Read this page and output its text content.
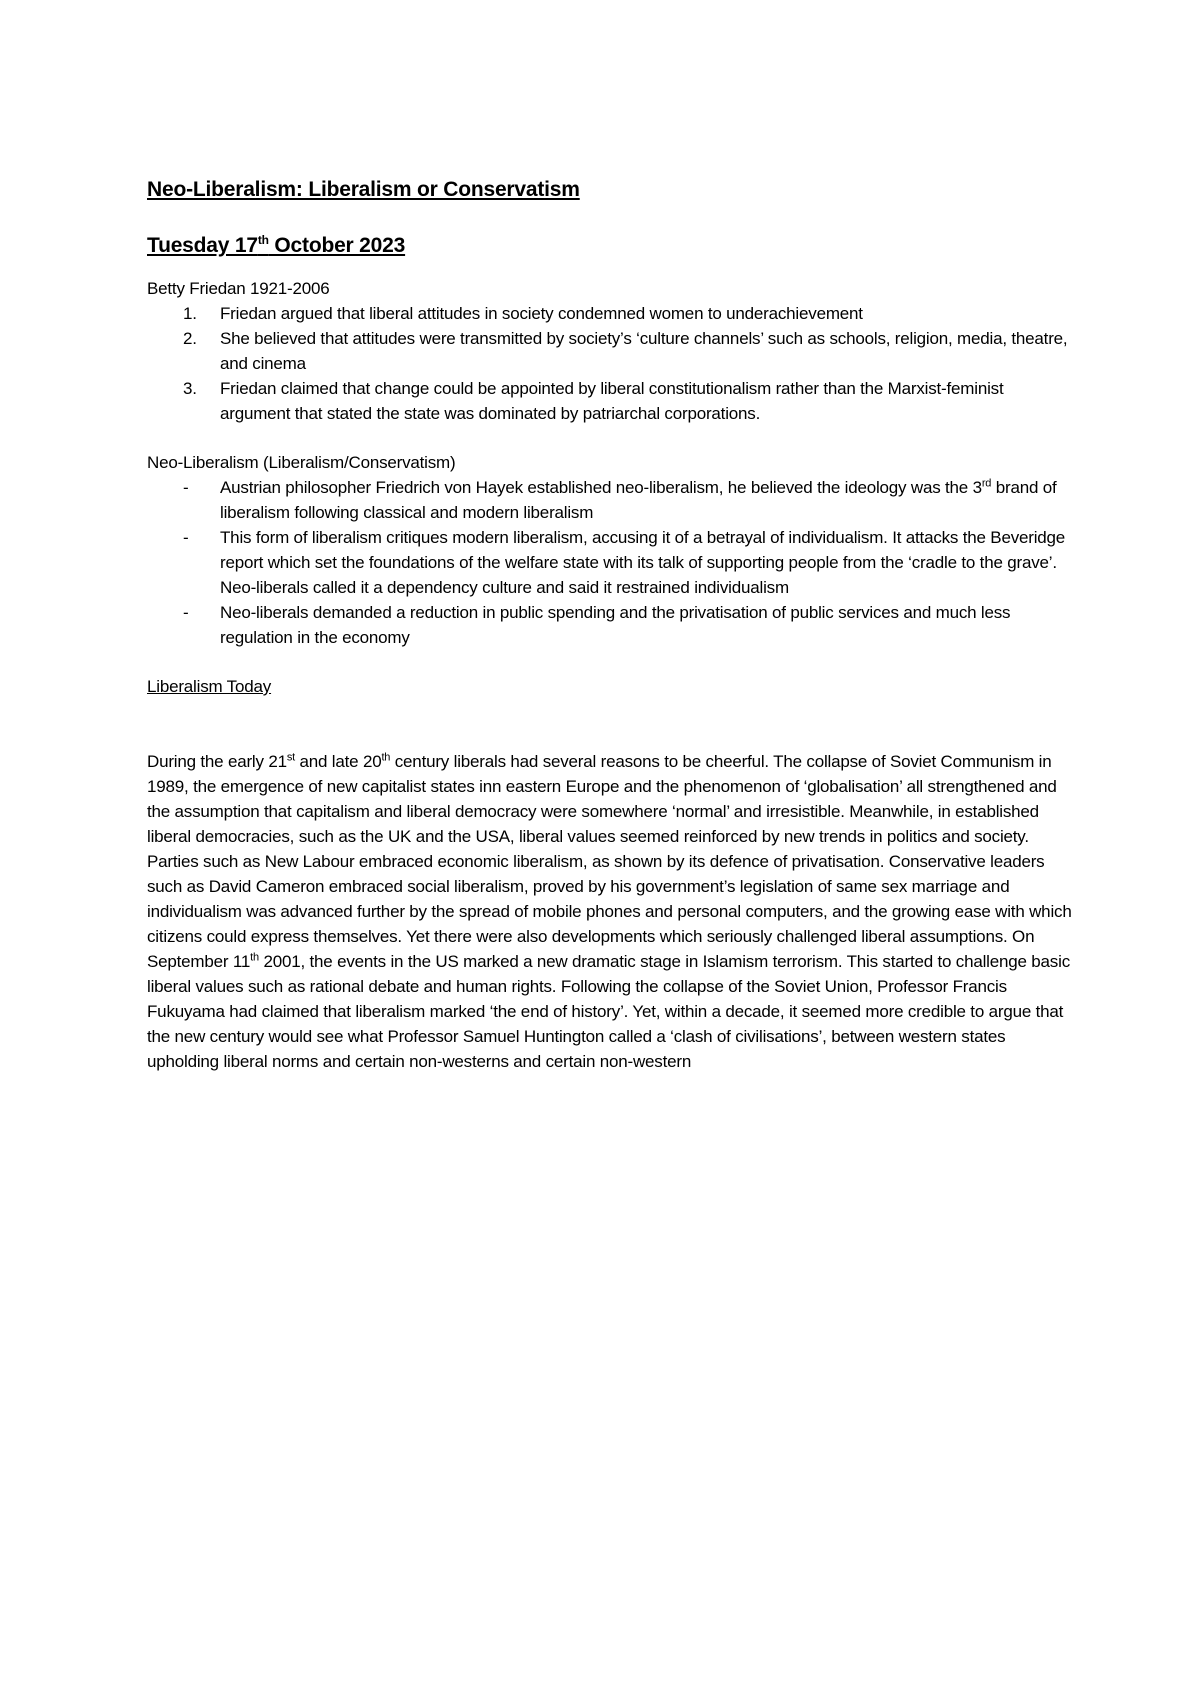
Neo-Liberalism: Liberalism or Conservatism

Tuesday 17th October 2023

Betty Friedan 1921-2006

1. Friedan argued that liberal attitudes in society condemned women to underachievement
2. She believed that attitudes were transmitted by society’s ‘culture channels’ such as schools, religion, media, theatre, and cinema
3. Friedan claimed that change could be appointed by liberal constitutionalism rather than the Marxist-feminist argument that stated the state was dominated by patriarchal corporations.

Neo-Liberalism (Liberalism/Conservatism)

- Austrian philosopher Friedrich von Hayek established neo-liberalism, he believed the ideology was the 3rd brand of liberalism following classical and modern liberalism
- This form of liberalism critiques modern liberalism, accusing it of a betrayal of individualism. It attacks the Beveridge report which set the foundations of the welfare state with its talk of supporting people from the ‘cradle to the grave’. Neo-liberals called it a dependency culture and said it restrained individualism
- Neo-liberals demanded a reduction in public spending and the privatisation of public services and much less regulation in the economy

Liberalism Today

During the early 21st and late 20th century liberals had several reasons to be cheerful. The collapse of Soviet Communism in 1989, the emergence of new capitalist states inn eastern Europe and the phenomenon of ‘globalisation’ all strengthened and the assumption that capitalism and liberal democracy were somewhere ‘normal’ and irresistible. Meanwhile, in established liberal democracies, such as the UK and the USA, liberal values seemed reinforced by new trends in politics and society. Parties such as New Labour embraced economic liberalism, as shown by its defence of privatisation. Conservative leaders such as David Cameron embraced social liberalism, proved by his government’s legislation of same sex marriage and individualism was advanced further by the spread of mobile phones and personal computers, and the growing ease with which citizens could express themselves. Yet there were also developments which seriously challenged liberal assumptions. On September 11th 2001, the events in the US marked a new dramatic stage in Islamism terrorism. This started to challenge basic liberal values such as rational debate and human rights. Following the collapse of the Soviet Union, Professor Francis Fukuyama had claimed that liberalism marked ‘the end of history’. Yet, within a decade, it seemed more credible to argue that the new century would see what Professor Samuel Huntington called a ‘clash of civilisations’, between western states upholding liberal norms and certain non-westerns and certain non-western
